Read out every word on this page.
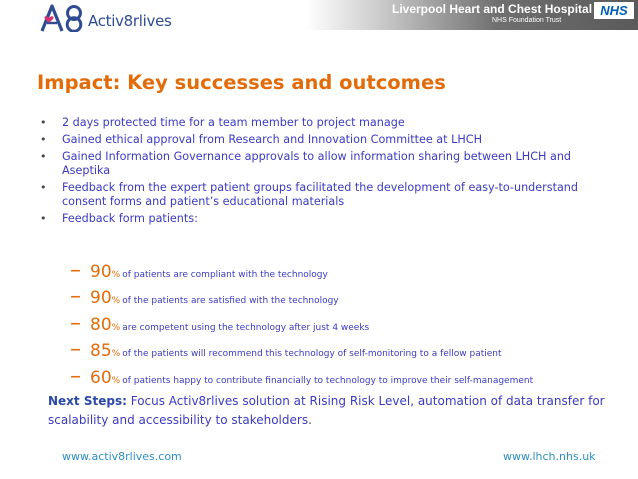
A8
Activ8rlives
Liverpool Heart and Chest Hospital
NHS Foundation Trust
NHS
Impact: Key successes and outcomes
• 2 days protected time for a team member to project manage
• Gained ethical approval from Research and Innovation Committee at LHCH
• Gained Information Governance approvals to allow information sharing between LHCH and Aseptika
• Feedback from the expert patient groups facilitated the development of easy-to-understand consent forms and patient’s educational materials
• Feedback form patients:
– 90 % of patients are compliant with the technology
– 90 % of the patients are satisfied with the technology
– 80 % are competent using the technology after just 4 weeks
– 85 % of the patients will recommend this technology of self-monitoring to a fellow patient
– 60 % of patients happy to contribute financially to technology to improve their self-management

Next Steps: Focus Activ8rlives solution at Rising Risk Level, automation of data transfer for scalability and accessibility to stakeholders.

www.activ8rlives.com	www.lhch.nhs.uk
